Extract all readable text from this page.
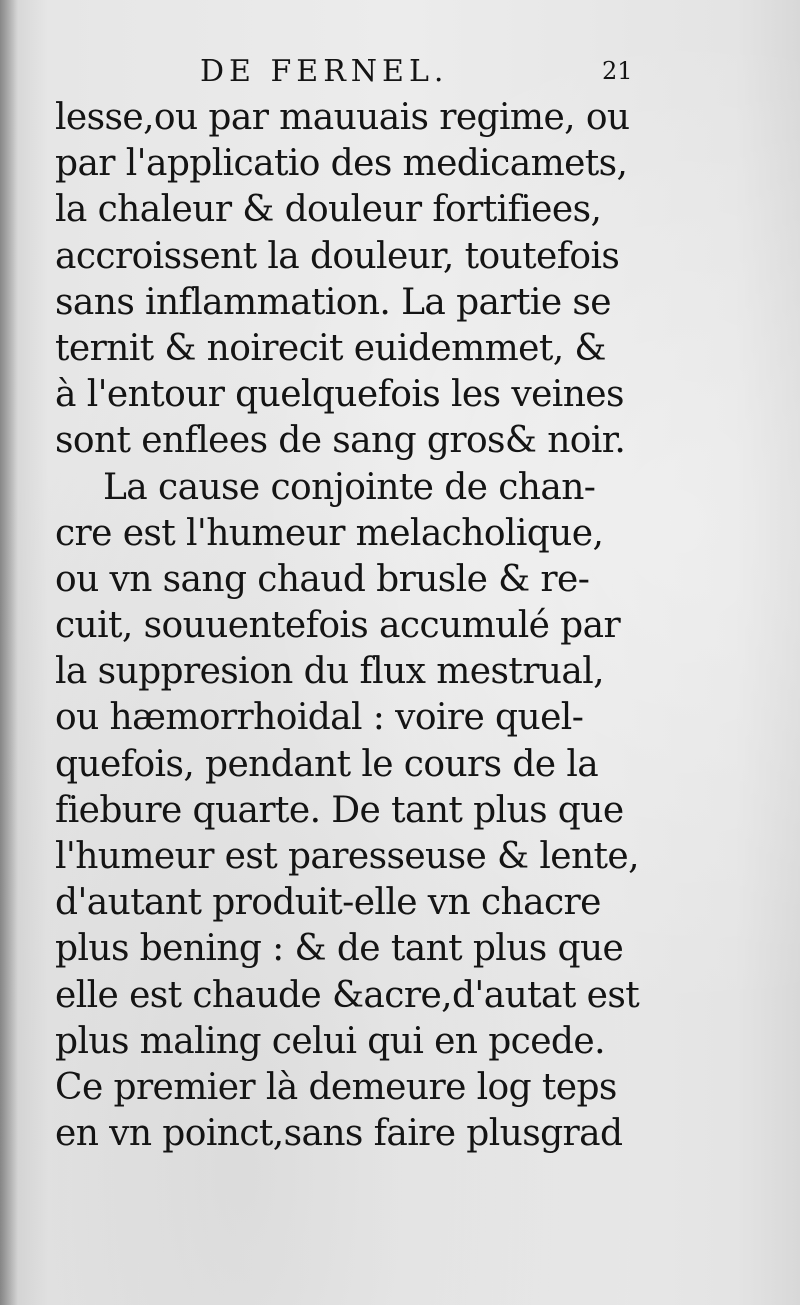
DE FERNEL.	21
lesse,ou par mauuais regime, ou
par l'applicatio des medicamets,
la chaleur & douleur fortifiees,
accroissent la douleur, toutefois
sans inflammation. La partie se
ternit & noirecit euidemmet, &
à l'entour quelquefois les veines
sont enflees de sang gros& noir.
La cause conjointe de chan-
cre est l'humeur melacholique,
ou vn sang chaud brusle & re-
cuit, souuentefois accumulé par
la suppresion du flux mestrual,
ou hæmorrhoidal : voire quel-
quefois, pendant le cours de la
fiebure quarte. De tant plus que
l'humeur est paresseuse & lente,
d'autant produit-elle vn chacre
plus bening : & de tant plus que
elle est chaude &acre,d'autat est
plus maling celui qui en pcede.
Ce premier là demeure log teps
en vn poinct,sans faire plusgrad
